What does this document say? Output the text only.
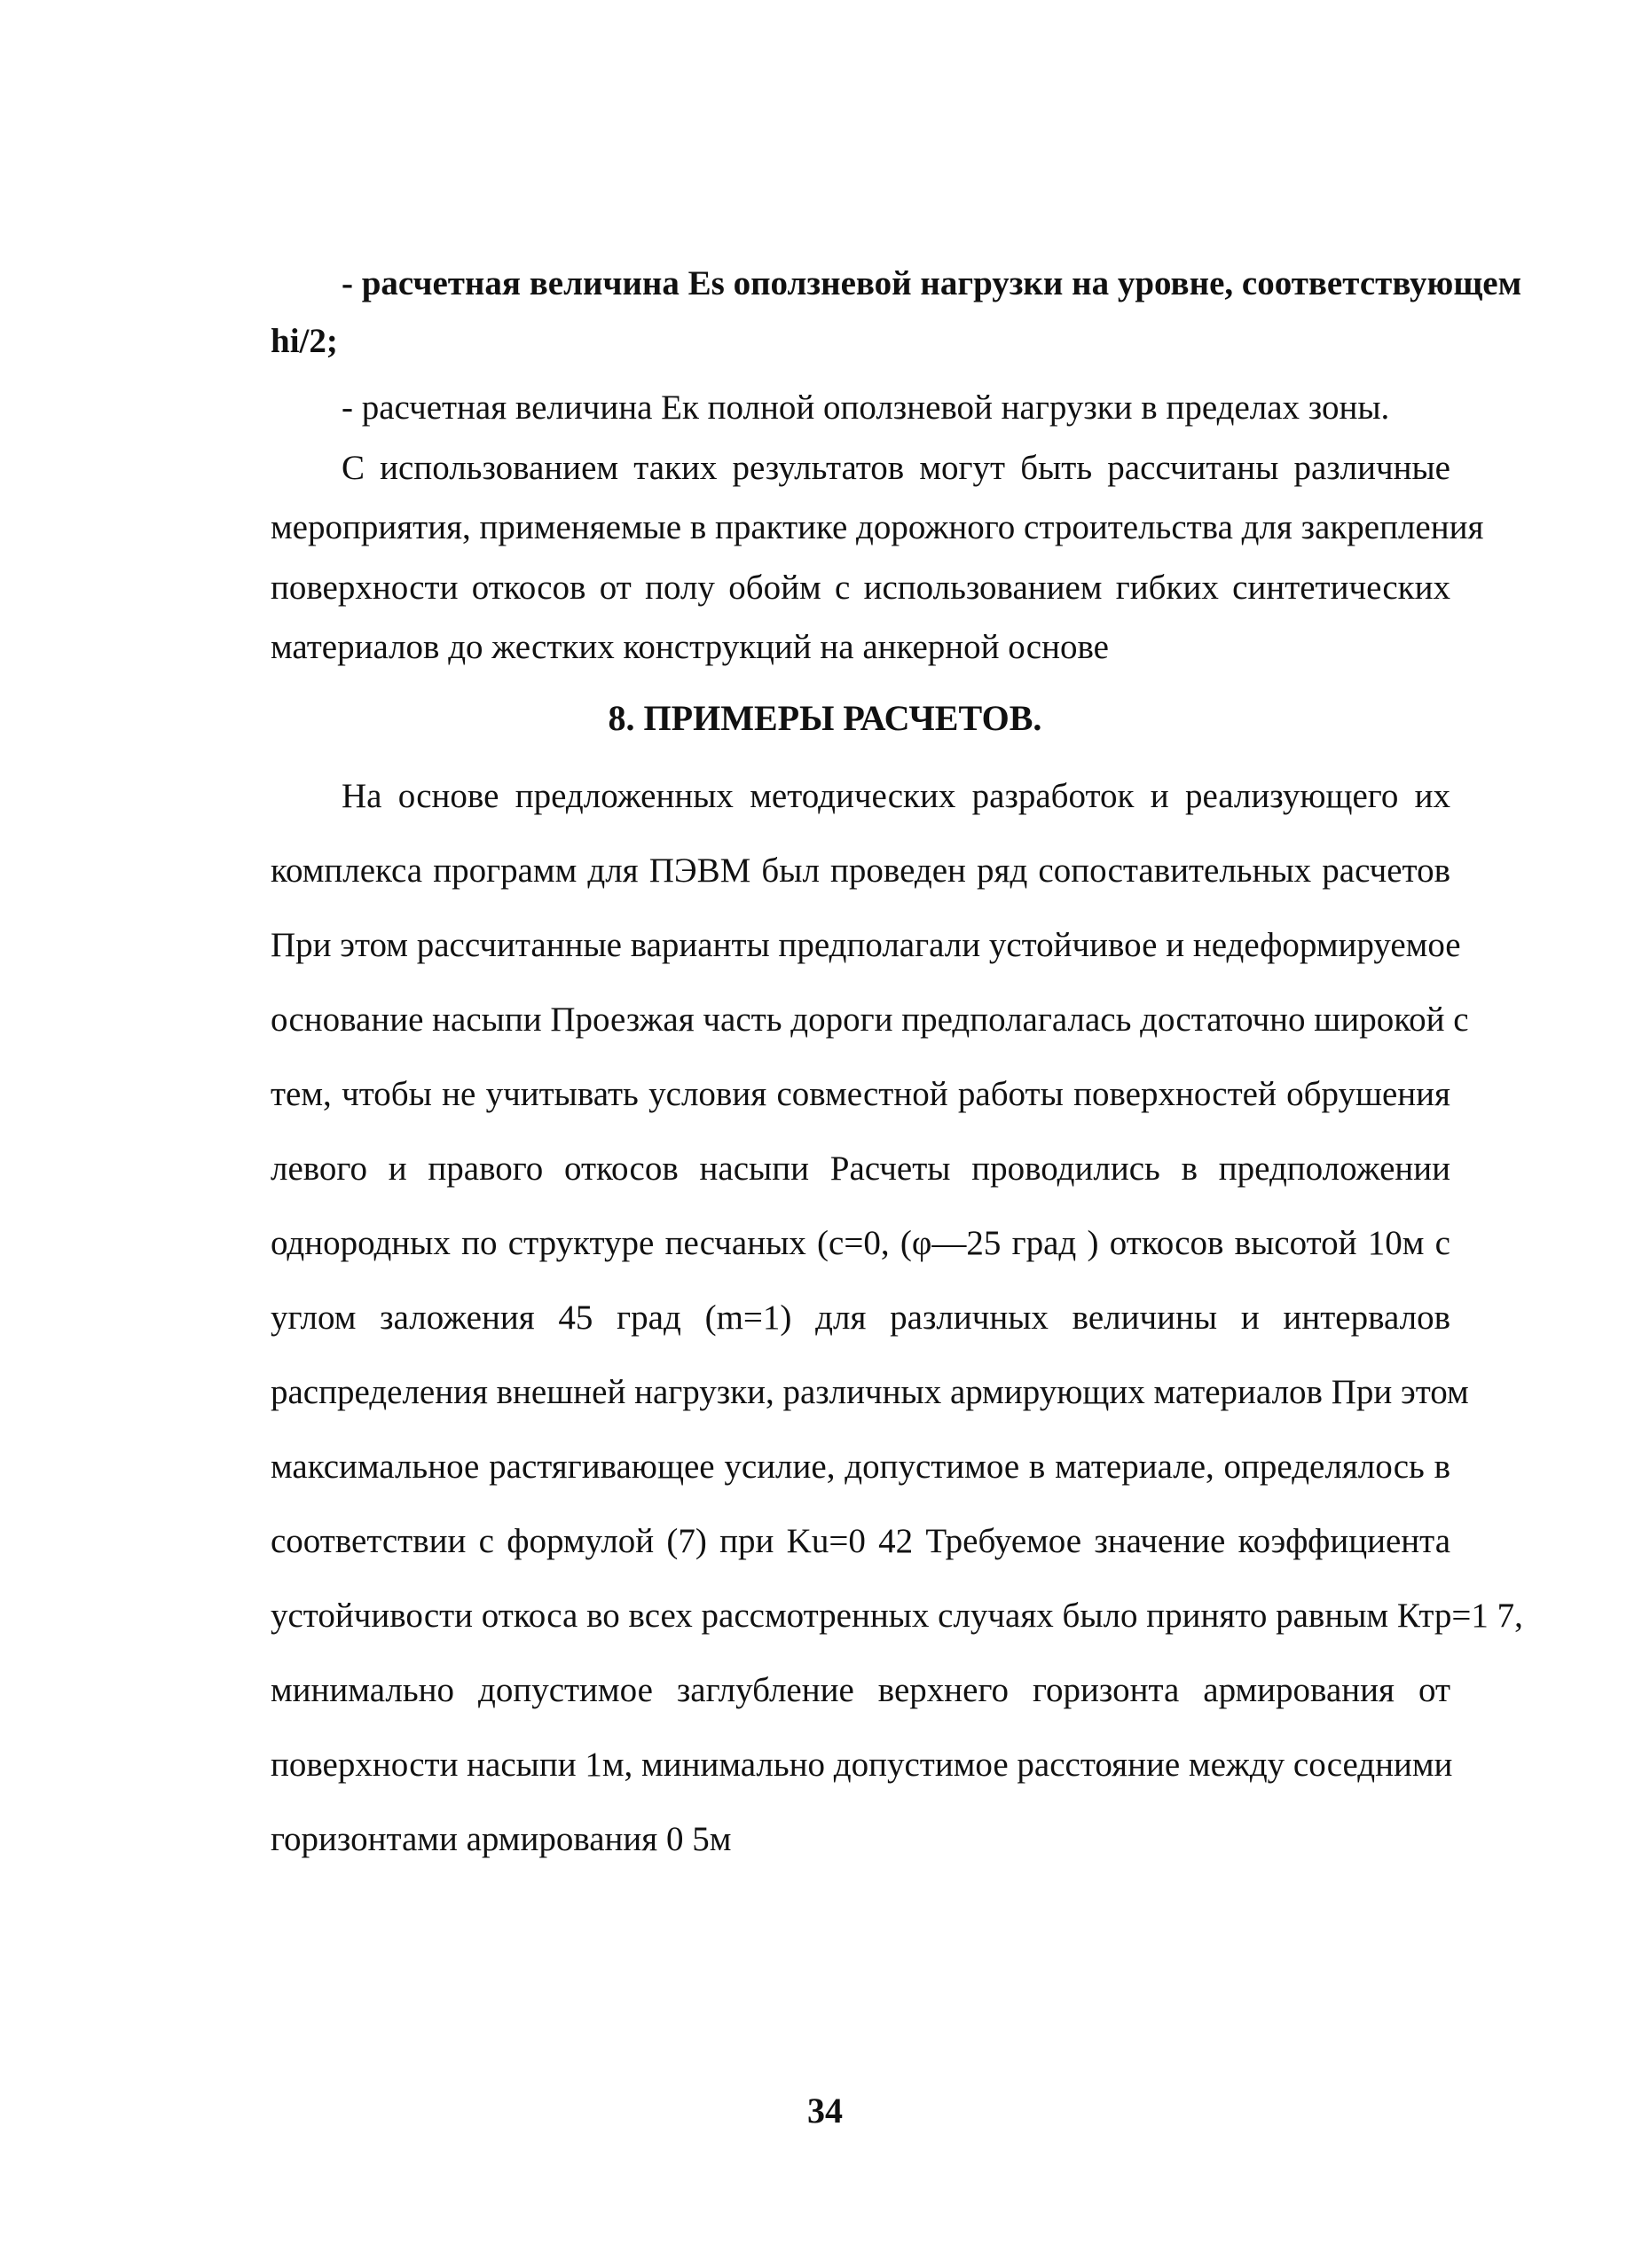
- расчетная величина Es оползневой нагрузки на уровне, соответствующем
hi/2;
- расчетная величина Ек полной оползневой нагрузки в пределах зоны.
С использованием таких результатов могут быть рассчитаны различные
мероприятия, применяемые в практике дорожного строительства для закрепления
поверхности откосов от полу обойм с использованием гибких синтетических
материалов до жестких конструкций на анкерной основе
8. ПРИМЕРЫ РАСЧЕТОВ.
На основе предложенных методических разработок и реализующего их
комплекса программ для ПЭВМ был проведен ряд сопоставительных расчетов
При этом рассчитанные варианты предполагали устойчивое и недеформируемое
основание насыпи Проезжая часть дороги предполагалась достаточно широкой с
тем, чтобы не учитывать условия совместной работы поверхностей обрушения
левого и правого откосов насыпи Расчеты проводились в предположении
однородных по структуре песчаных (с=0, (φ—25 град ) откосов высотой 10м с
углом заложения 45 град (m=1) для различных величины и интервалов
распределения внешней нагрузки, различных армирующих материалов При этом
максимальное растягивающее усилие, допустимое в материале, определялось в
соответствии с формулой (7) при Ku=0 42 Требуемое значение коэффициента
устойчивости откоса во всех рассмотренных случаях было принято равным Ктр=1 7,
минимально допустимое заглубление верхнего горизонта армирования от
поверхности насыпи 1м, минимально допустимое расстояние между соседними
горизонтами армирования 0 5м
34
